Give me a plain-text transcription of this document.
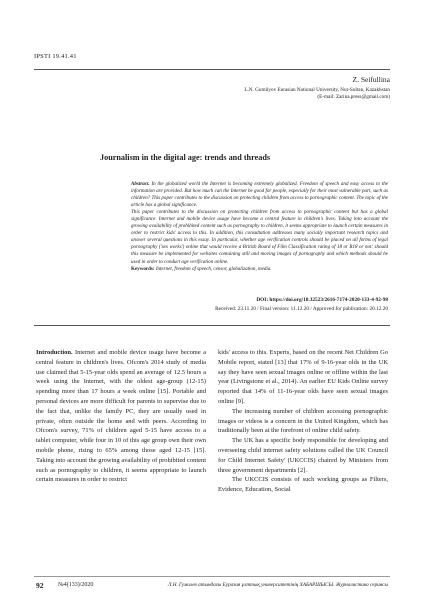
IPSTI 19.41.41
Z. Seifullina
L.N. Gumilyov Eurasian National University, Nur-Sultan, Kazakhstan
(E-mail: Zarina.press@gmail.com)
Journalism in the digital age: trends and threads

Abstract. In the globalized world the Internet is becoming extremely globalized. Freedom of speech and easy access to the information are provided. But how much can the Internet be good for people, especially for their most vulnerable part, such as children? This paper contributes to the discussion on protecting children from access to pornographic content. The topic of the article has a global significance.

This paper contributes to the discussion on protecting children from access to pornographic content but has a global significance. Internet and mobile device usage have become a central feature in children's lives. Taking into account the growing availability of prohibited content such as pornography to children, it seems appropriate to launch certain measures in order to restrict kids' access to this. In addition, this consultation addresses many socially important research topics and answer several questions in this essay. In particular, whether age verification controls should be placed on all forms of legal pornography ('sex works') online that would receive a British Board of Film Classification rating of 18 or R18 or not: should this measure be implemented for websites containing still and moving images of pornography and which methods should be used in order to conduct age verification online.

Keywords: Internet, freedom of speech, censor, globalization, media.

DOI: https://doi.org/10.32523/2616-7174-2020-133-4-92-98
Received: 23.11.20 / Final version: 11.12.20 / Approved for publication: 20.12.20

Introduction. Internet and mobile device usage have become a central feature in children's lives. Ofcom's 2014 study of media use claimed that 5-15-year olds spend an average of 12.5 hours a week using the Internet, with the oldest age-group (12-15) spending more than 17 hours a week online [15]. Portable and personal devices are more difficult for parents to supervise due to the fact that, unlike the family PC, they are usually used in private, often outside the home and with peers. According to Ofcom's survey, 71% of children aged 5-15 have access to a tablet computer, while four in 10 of this age group own their own mobile phone, rising to 65% among those aged 12-15 [15]. Taking into account the growing availability of prohibited content such as pornography to children, it seems appropriate to launch certain measures in order to restrict

kids' access to this. Experts, based on the recent Net Children Go Mobile report, stated [13] that 17% of 9-16-year olds in the UK say they have seen sexual images online or offline within the last year (Livingstone et al., 2014). An earlier EU Kids Online survey reported that 14% of 11-16-year olds have seen sexual images online [9].

The increasing number of children accessing pornographic images or videos is a concern in the United Kingdom, which has traditionally been at the forefront of online child safety.

The UK has a specific body responsible for developing and overseeing child internet safety solutions called the UK Council for Child Internet Safety' (UKCCIS) chaired by Ministers from three government departments [2].

The UKCCIS consists of such working groups as Filters, Evidence, Education, Social

92 №4(133)/2020	Л.Н. Гумилев атындағы Еуразия ұлттық университетінің ХАБАРШЫСЫ. Журналистика сериясы
